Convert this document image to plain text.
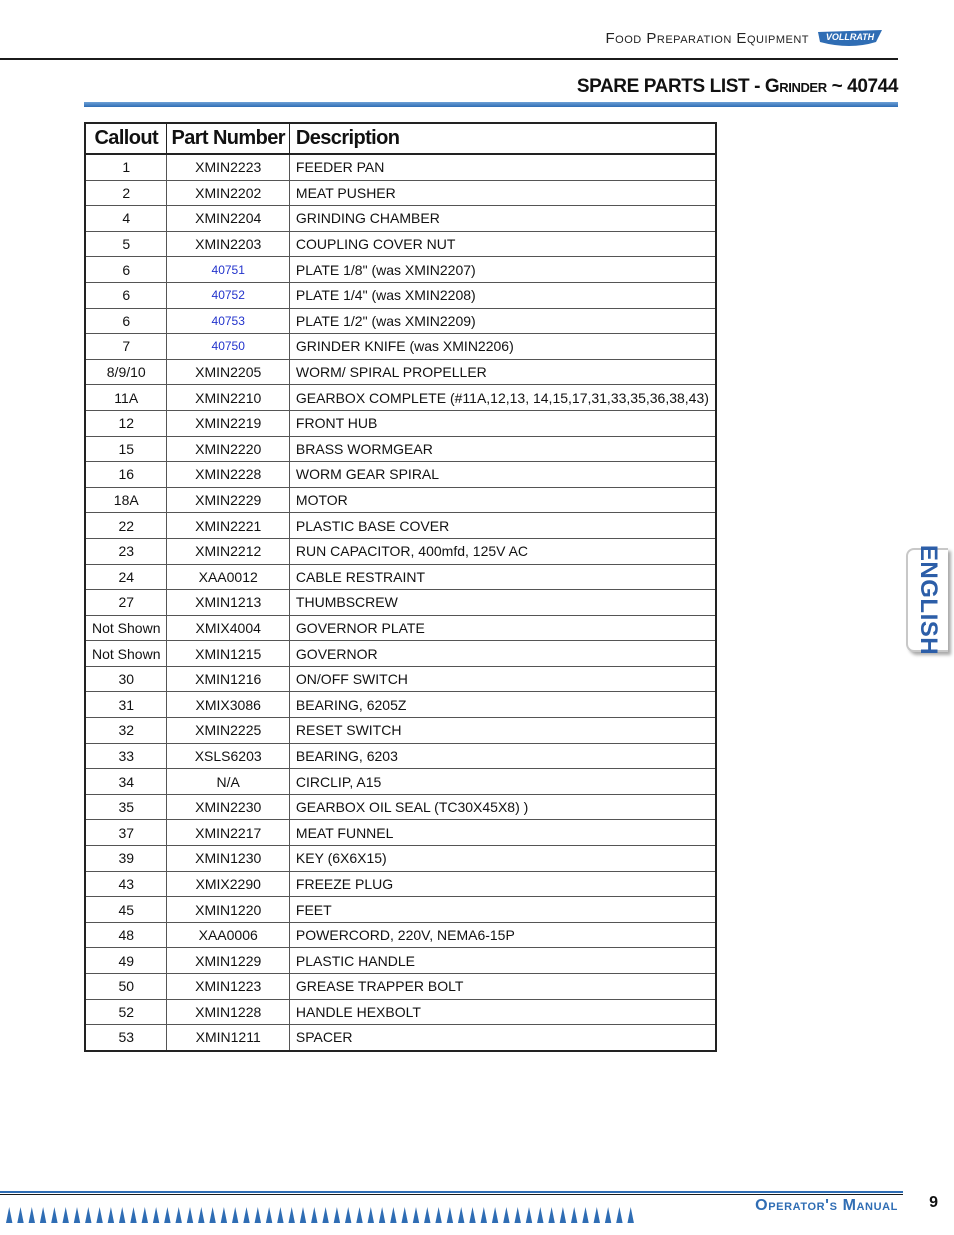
Food Preparation Equipment VOLLRATH
SPARE PARTS LIST - Grinder ~ 40744
Callout	Part Number	Description
1	XMIN2223	FEEDER PAN
2	XMIN2202	MEAT PUSHER
4	XMIN2204	GRINDING CHAMBER
5	XMIN2203	COUPLING COVER NUT
6	40751	PLATE 1/8" (was XMIN2207)
6	40752	PLATE 1/4" (was XMIN2208)
6	40753	PLATE 1/2" (was XMIN2209)
7	40750	GRINDER KNIFE (was XMIN2206)
8/9/10	XMIN2205	WORM/ SPIRAL PROPELLER
11A	XMIN2210	GEARBOX COMPLETE (#11A,12,13, 14,15,17,31,33,35,36,38,43)
12	XMIN2219	FRONT HUB
15	XMIN2220	BRASS WORMGEAR
16	XMIN2228	WORM GEAR SPIRAL
18A	XMIN2229	MOTOR
22	XMIN2221	PLASTIC BASE COVER
23	XMIN2212	RUN CAPACITOR, 400mfd, 125V AC
24	XAA0012	CABLE RESTRAINT
27	XMIN1213	THUMBSCREW
Not Shown	XMIX4004	GOVERNOR PLATE
Not Shown	XMIN1215	GOVERNOR
30	XMIN1216	ON/OFF SWITCH
31	XMIX3086	BEARING, 6205Z
32	XMIN2225	RESET SWITCH
33	XSLS6203	BEARING, 6203
34	N/A	CIRCLIP, A15
35	XMIN2230	GEARBOX OIL SEAL (TC30X45X8) )
37	XMIN2217	MEAT FUNNEL
39	XMIN1230	KEY (6X6X15)
43	XMIX2290	FREEZE PLUG
45	XMIN1220	FEET
48	XAA0006	POWERCORD, 220V, NEMA6-15P
49	XMIN1229	PLASTIC HANDLE
50	XMIN1223	GREASE TRAPPER BOLT
52	XMIN1228	HANDLE HEXBOLT
53	XMIN1211	SPACER
ENGLISH
Operator's Manual 9
